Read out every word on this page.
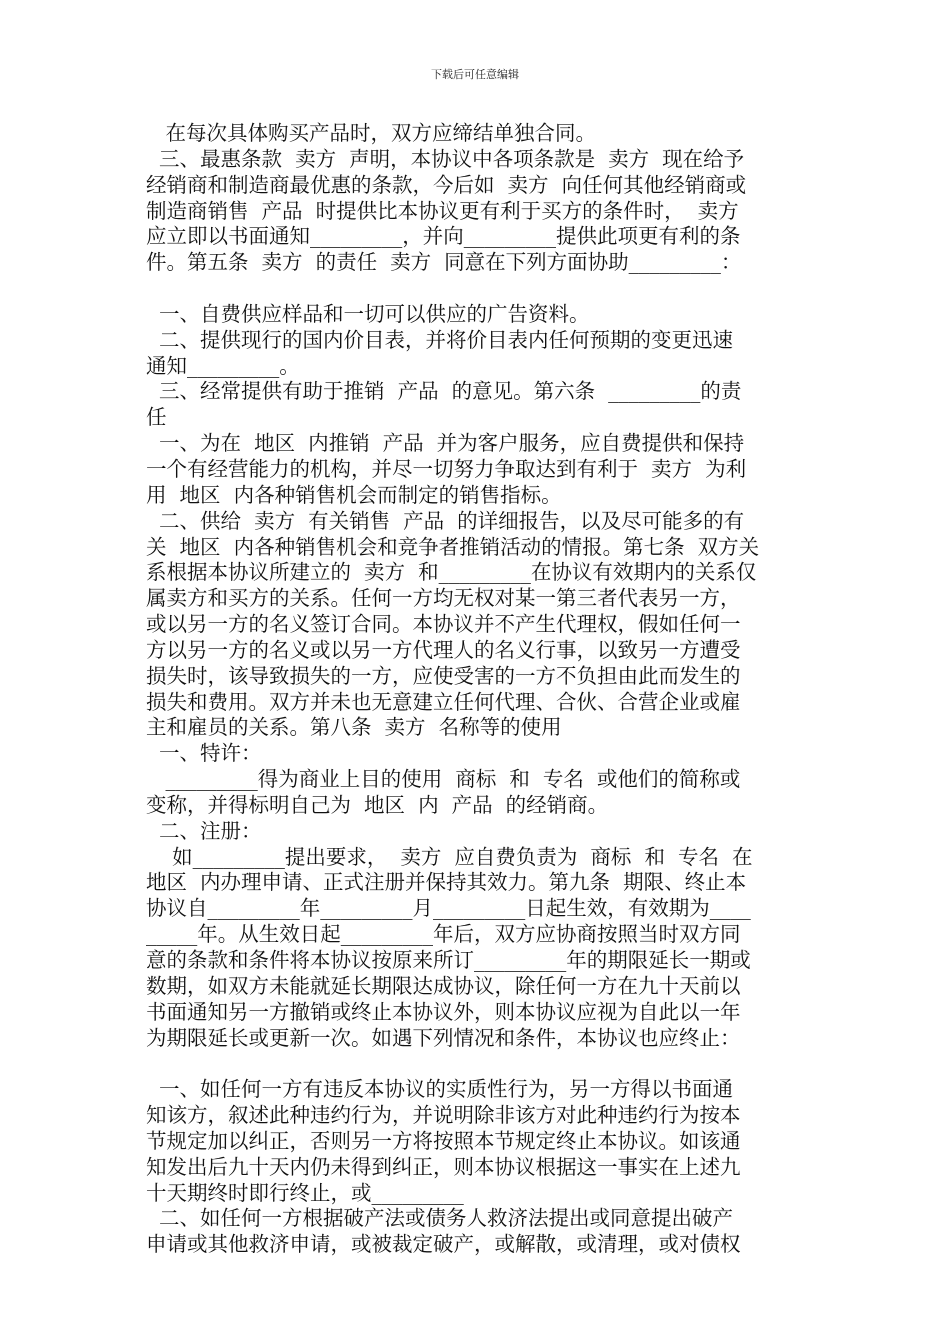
下载后可任意编辑
在每次具体购买产品时，双方应缔结单独合同。
三、最惠条款  卖方  声明，本协议中各项条款是  卖方  现在给予
经销商和制造商最优惠的条款，今后如  卖方  向任何其他经销商或
制造商销售  产品  时提供比本协议更有利于买方的条件时，  卖方
应立即以书面通知_________，并向_________提供此项更有利的条
件。第五条  卖方  的责任  卖方  同意在下列方面协助_________：
一、自费供应样品和一切可以供应的广告资料。
二、提供现行的国内价目表，并将价目表内任何预期的变更迅速
通知_________。
三、经常提供有助于推销  产品  的意见。第六条  _________的责
任
一、为在  地区  内推销  产品  并为客户服务，应自费提供和保持
一个有经营能力的机构，并尽一切努力争取达到有利于  卖方  为利
用  地区  内各种销售机会而制定的销售指标。
二、供给  卖方  有关销售  产品  的详细报告，以及尽可能多的有
关  地区  内各种销售机会和竞争者推销活动的情报。第七条  双方关
系根据本协议所建立的  卖方  和_________在协议有效期内的关系仅
属卖方和买方的关系。任何一方均无权对某一第三者代表另一方，
或以另一方的名义签订合同。本协议并不产生代理权，假如任何一
方以另一方的名义或以另一方代理人的名义行事，以致另一方遭受
损失时，该导致损失的一方，应使受害的一方不负担由此而发生的
损失和费用。双方并未也无意建立任何代理、合伙、合营企业或雇
主和雇员的关系。第八条  卖方  名称等的使用
一、特许：
_________得为商业上目的使用  商标  和  专名  或他们的简称或
变称，并得标明自己为  地区  内  产品  的经销商。
二、注册：
如_________提出要求，  卖方  应自费负责为  商标  和  专名  在
地区  内办理申请、正式注册并保持其效力。第九条  期限、终止本
协议自_________年_________月_________日起生效，有效期为____
_____年。从生效日起_________年后，双方应协商按照当时双方同
意的条款和条件将本协议按原来所订_________年的期限延长一期或
数期，如双方未能就延长期限达成协议，除任何一方在九十天前以
书面通知另一方撤销或终止本协议外，则本协议应视为自此以一年
为期限延长或更新一次。如遇下列情况和条件，本协议也应终止：
一、如任何一方有违反本协议的实质性行为，另一方得以书面通
知该方，叙述此种违约行为，并说明除非该方对此种违约行为按本
节规定加以纠正，否则另一方将按照本节规定终止本协议。如该通
知发出后九十天内仍未得到纠正，则本协议根据这一事实在上述九
十天期终时即行终止，或_________
二、如任何一方根据破产法或债务人救济法提出或同意提出破产
申请或其他救济申请，或被裁定破产，或解散，或清理，或对债权
